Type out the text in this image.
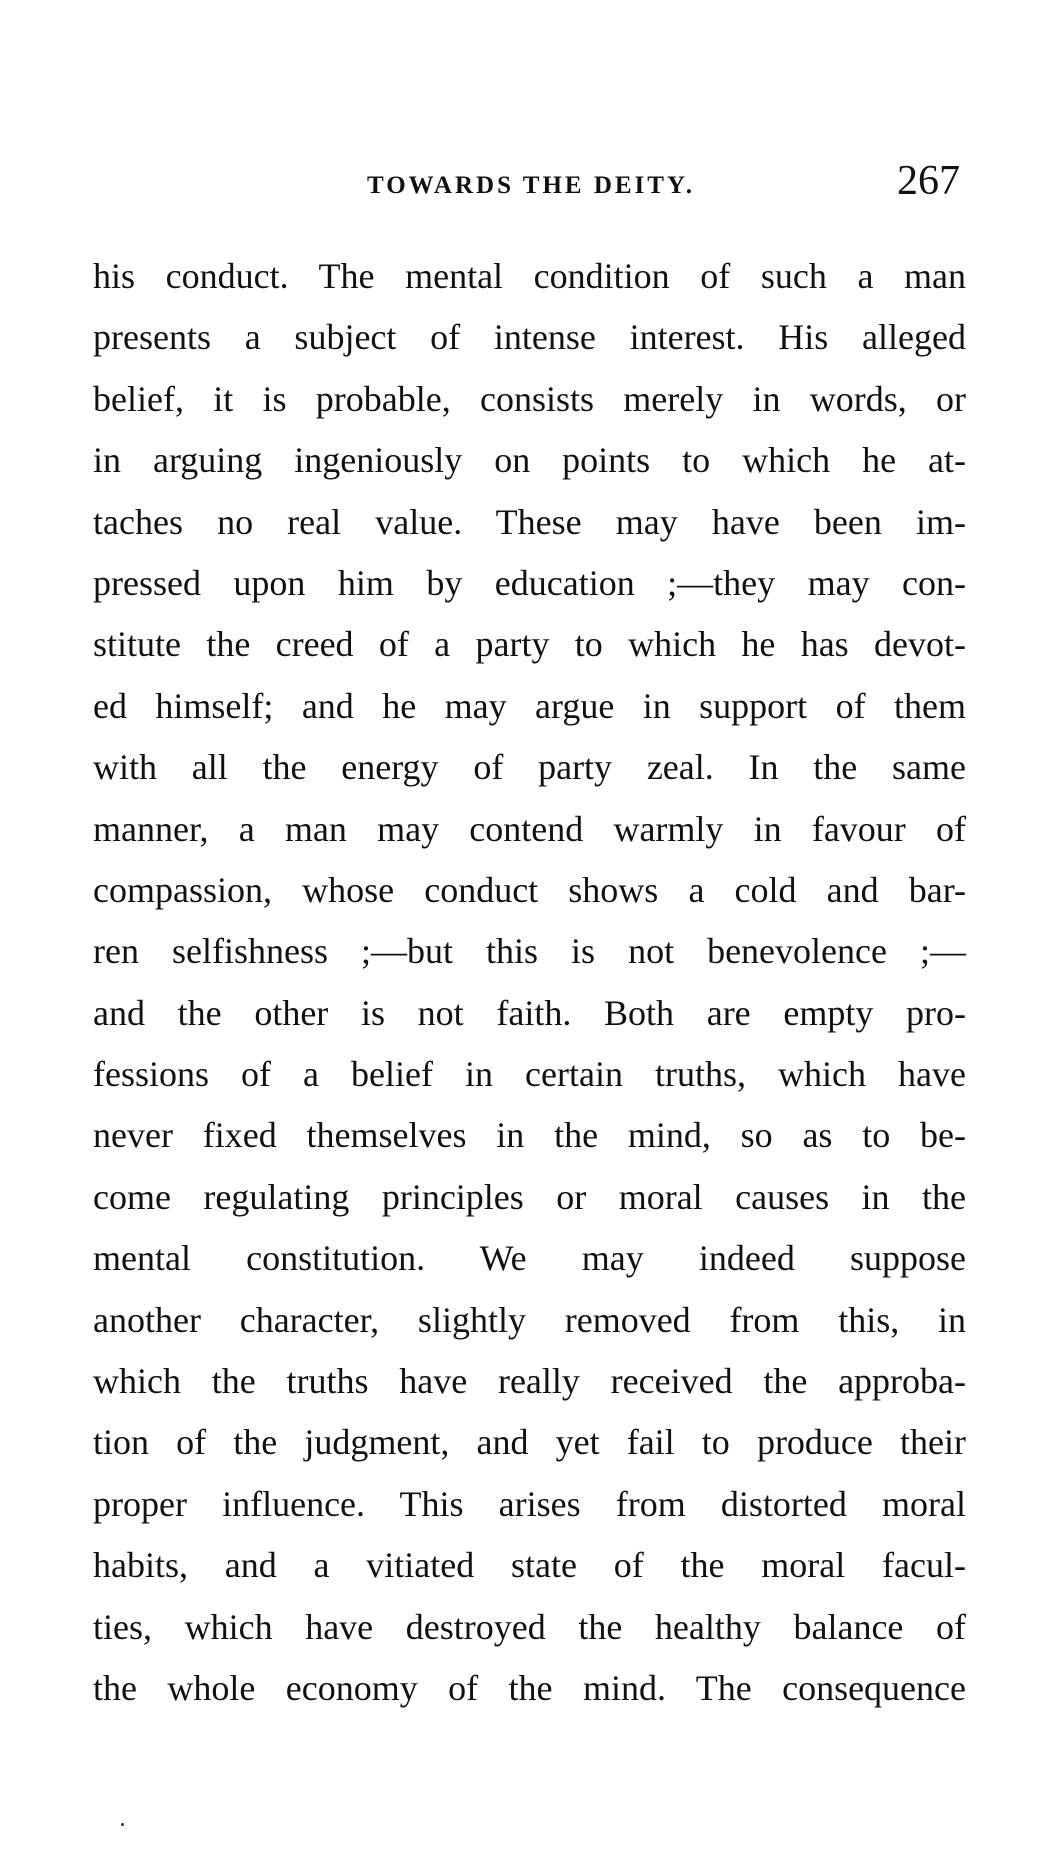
TOWARDS THE DEITY.	267
his conduct. The mental condition of such a man
presents a subject of intense interest. His alleged
belief, it is probable, consists merely in words, or
in arguing ingeniously on points to which he at-
taches no real value. These may have been im-
pressed upon him by education ;—they may con-
stitute the creed of a party to which he has devot-
ed himself; and he may argue in support of them
with all the energy of party zeal. In the same
manner, a man may contend warmly in favour of
compassion, whose conduct shows a cold and bar-
ren selfishness ;—but this is not benevolence ;—
and the other is not faith. Both are empty pro-
fessions of a belief in certain truths, which have
never fixed themselves in the mind, so as to be-
come regulating principles or moral causes in the
mental constitution. We may indeed suppose
another character, slightly removed from this, in
which the truths have really received the approba-
tion of the judgment, and yet fail to produce their
proper influence. This arises from distorted moral
habits, and a vitiated state of the moral facul-
ties, which have destroyed the healthy balance of
the whole economy of the mind. The consequence
